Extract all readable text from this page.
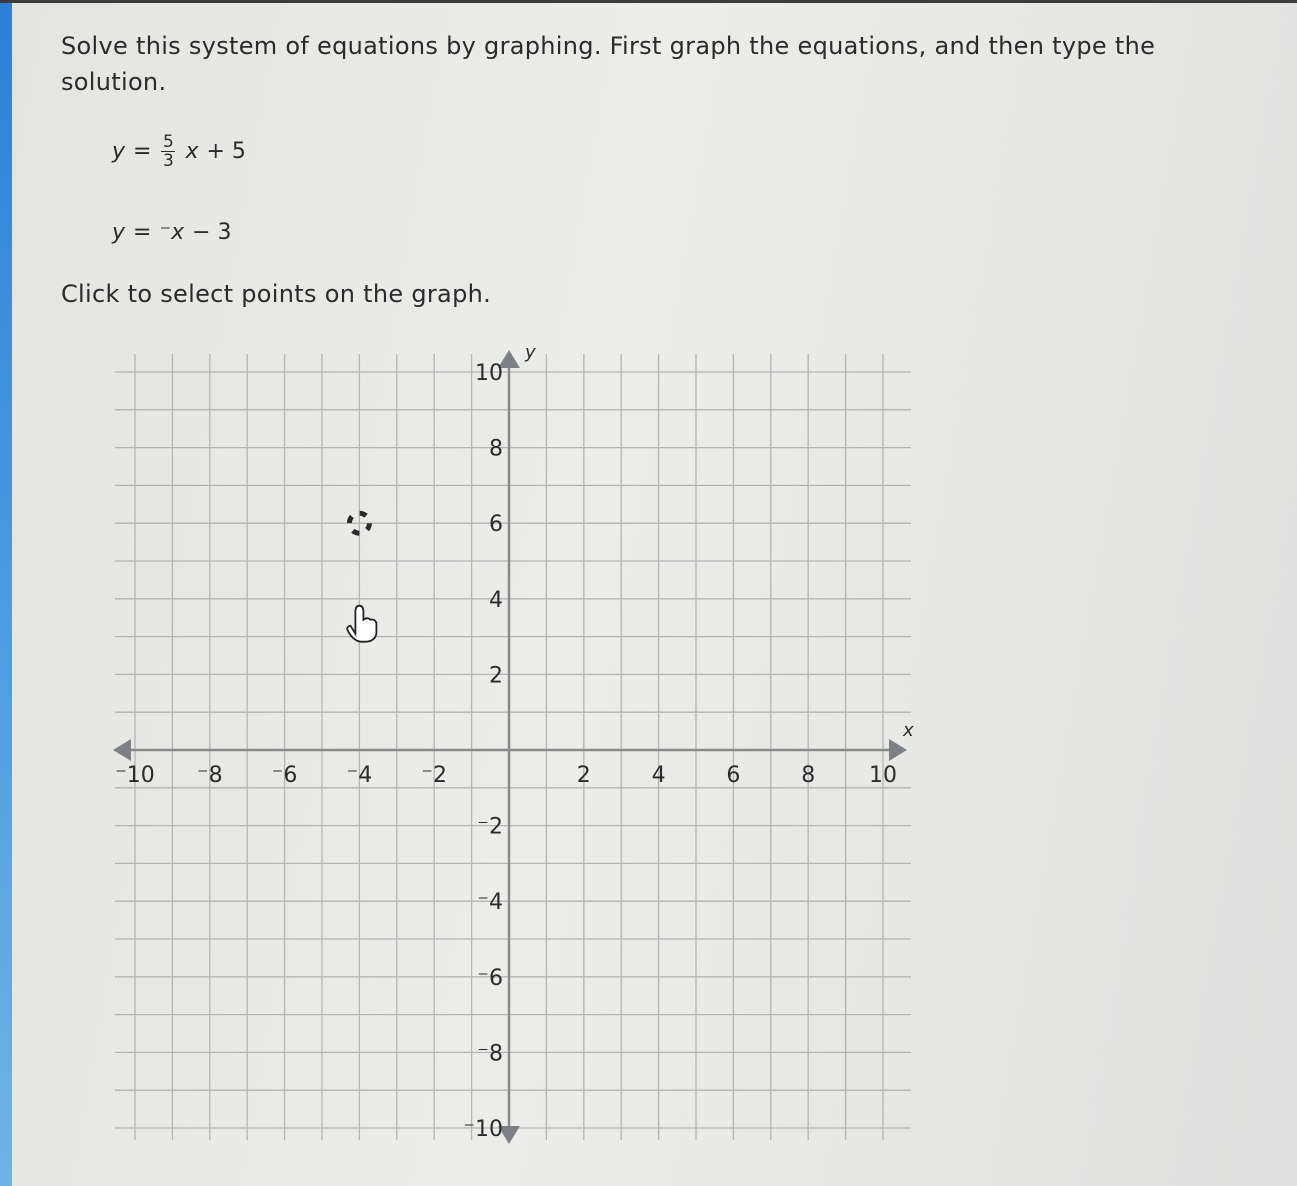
Solve this system of equations by graphing. First graph the equations, and then type the solution.
$y = \frac{5}{3}$ x + 5
y = ⁻x − 3
Click to select points on the graph.
⁻10 ⁻8 ⁻6 ⁻4 ⁻2	2	4	6	8 10
10
8
6
4
2
⁻2
⁻4
⁻6
⁻8
⁻10
x
y
